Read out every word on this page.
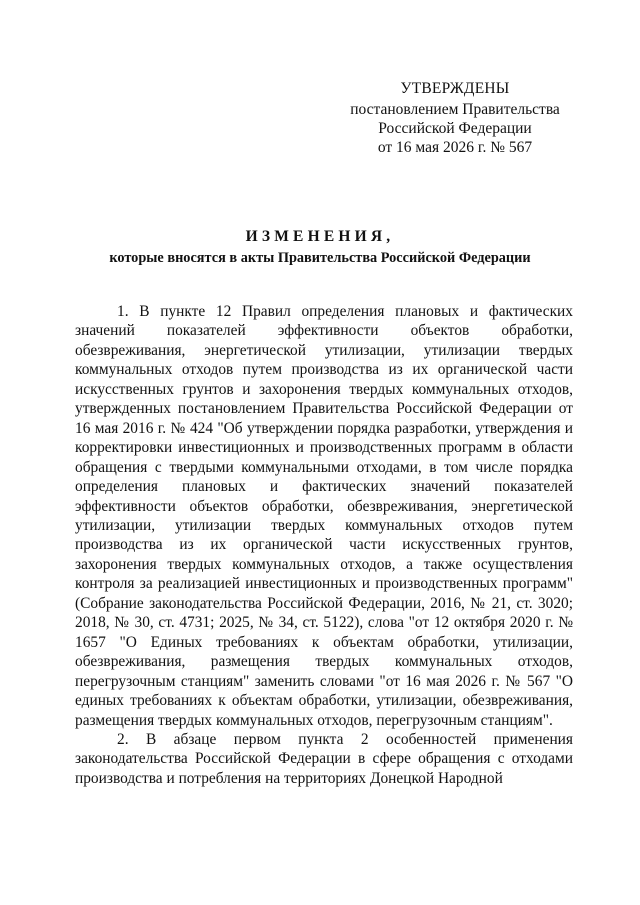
УТВЕРЖДЕНЫ
постановлением Правительства
Российской Федерации
от 16 мая 2026 г. № 567
ИЗМЕНЕНИЯ,
которые вносятся в акты Правительства Российской Федерации

1. В пункте 12 Правил определения плановых и фактических значений показателей эффективности объектов обработки, обезвреживания, энергетической утилизации, утилизации твердых коммунальных отходов путем производства из их органической части искусственных грунтов и захоронения твердых коммунальных отходов, утвержденных постановлением Правительства Российской Федерации от 16 мая 2016 г. № 424 "Об утверждении порядка разработки, утверждения и корректировки инвестиционных и производственных программ в области обращения с твердыми коммунальными отходами, в том числе порядка определения плановых и фактических значений показателей эффективности объектов обработки, обезвреживания, энергетической утилизации, утилизации твердых коммунальных отходов путем производства из их органической части искусственных грунтов, захоронения твердых коммунальных отходов, а также осуществления контроля за реализацией инвестиционных и производственных программ" (Собрание законодательства Российской Федерации, 2016, № 21, ст. 3020; 2018, № 30, ст. 4731; 2025, № 34, ст. 5122), слова "от 12 октября 2020 г. № 1657 "О Единых требованиях к объектам обработки, утилизации, обезвреживания, размещения твердых коммунальных отходов, перегрузочным станциям" заменить словами "от 16 мая 2026 г. № 567 "О единых требованиях к объектам обработки, утилизации, обезвреживания, размещения твердых коммунальных отходов, перегрузочным станциям".

2. В абзаце первом пункта 2 особенностей применения законодательства Российской Федерации в сфере обращения с отходами производства и потребления на территориях Донецкой Народной
